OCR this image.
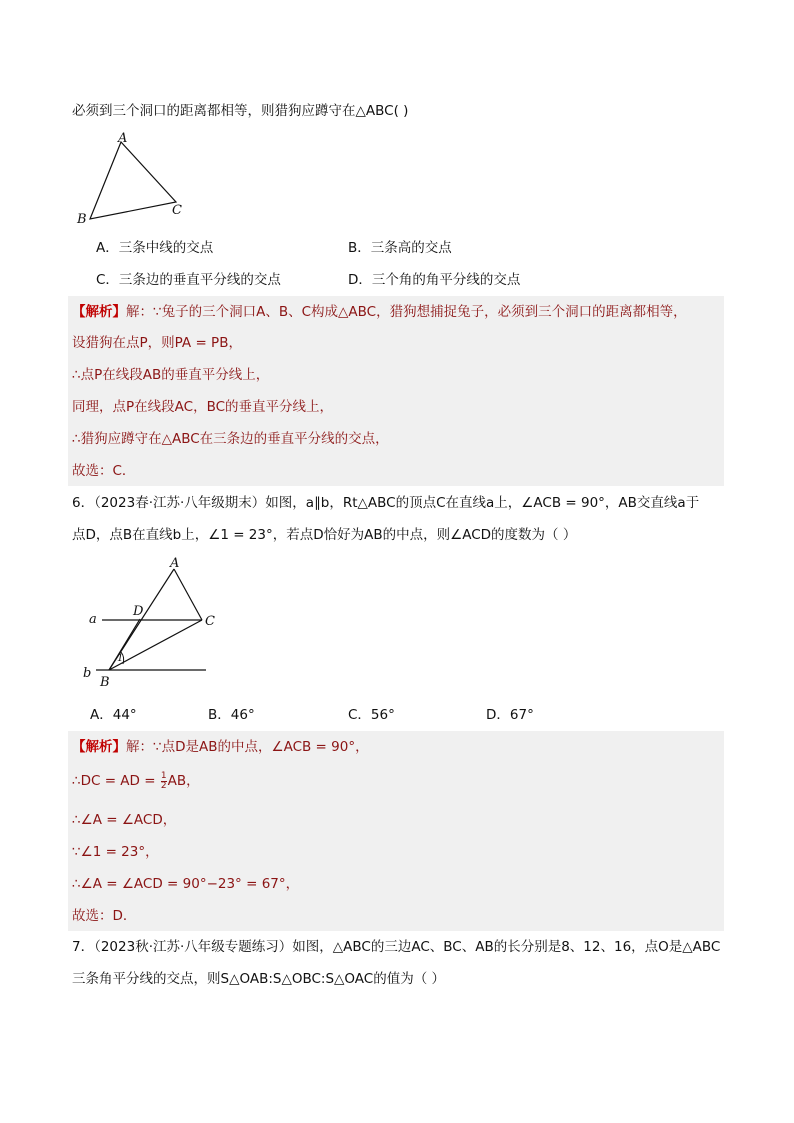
必须到三个洞口的距离都相等，则猎狗应蹲守在△ABC( )
A
B
C
A．三条中线的交点	B．三条高的交点
C．三条边的垂直平分线的交点	D．三个角的角平分线的交点
【解析】解：∵兔子的三个洞口A、B、C构成△ABC，猎狗想捕捉兔子，必须到三个洞口的距离都相等，
设猎狗在点P，则PA = PB，
∴点P在线段AB的垂直平分线上，
同理，点P在线段AC，BC的垂直平分线上，
∴猎狗应蹲守在△ABC在三条边的垂直平分线的交点，
故选：C．
6．（2023春·江苏·八年级期末）如图，a∥b，Rt△ABC的顶点C在直线a上，∠ACB = 90°，AB交直线a于
点D，点B在直线b上，∠1 = 23°，若点D恰好为AB的中点，则∠ACD的度数为（ ）
A
D
C
a
b
B
1
A．44°	B．46°	C．56°	D．67°
【解析】解：∵点D是AB的中点，∠ACB = 90°，
∴DC = AD = $\frac{1}{2}$ AB，
∴∠A = ∠ACD，
∵∠1 = 23°，
∴∠A = ∠ACD = 90°−23° = 67°，
故选：D．
7．（2023秋·江苏·八年级专题练习）如图，△ABC的三边AC、BC、AB的长分别是8、12、16，点O是△ABC
三条角平分线的交点，则S△OAB:S△OBC:S△OAC的值为（ ）
